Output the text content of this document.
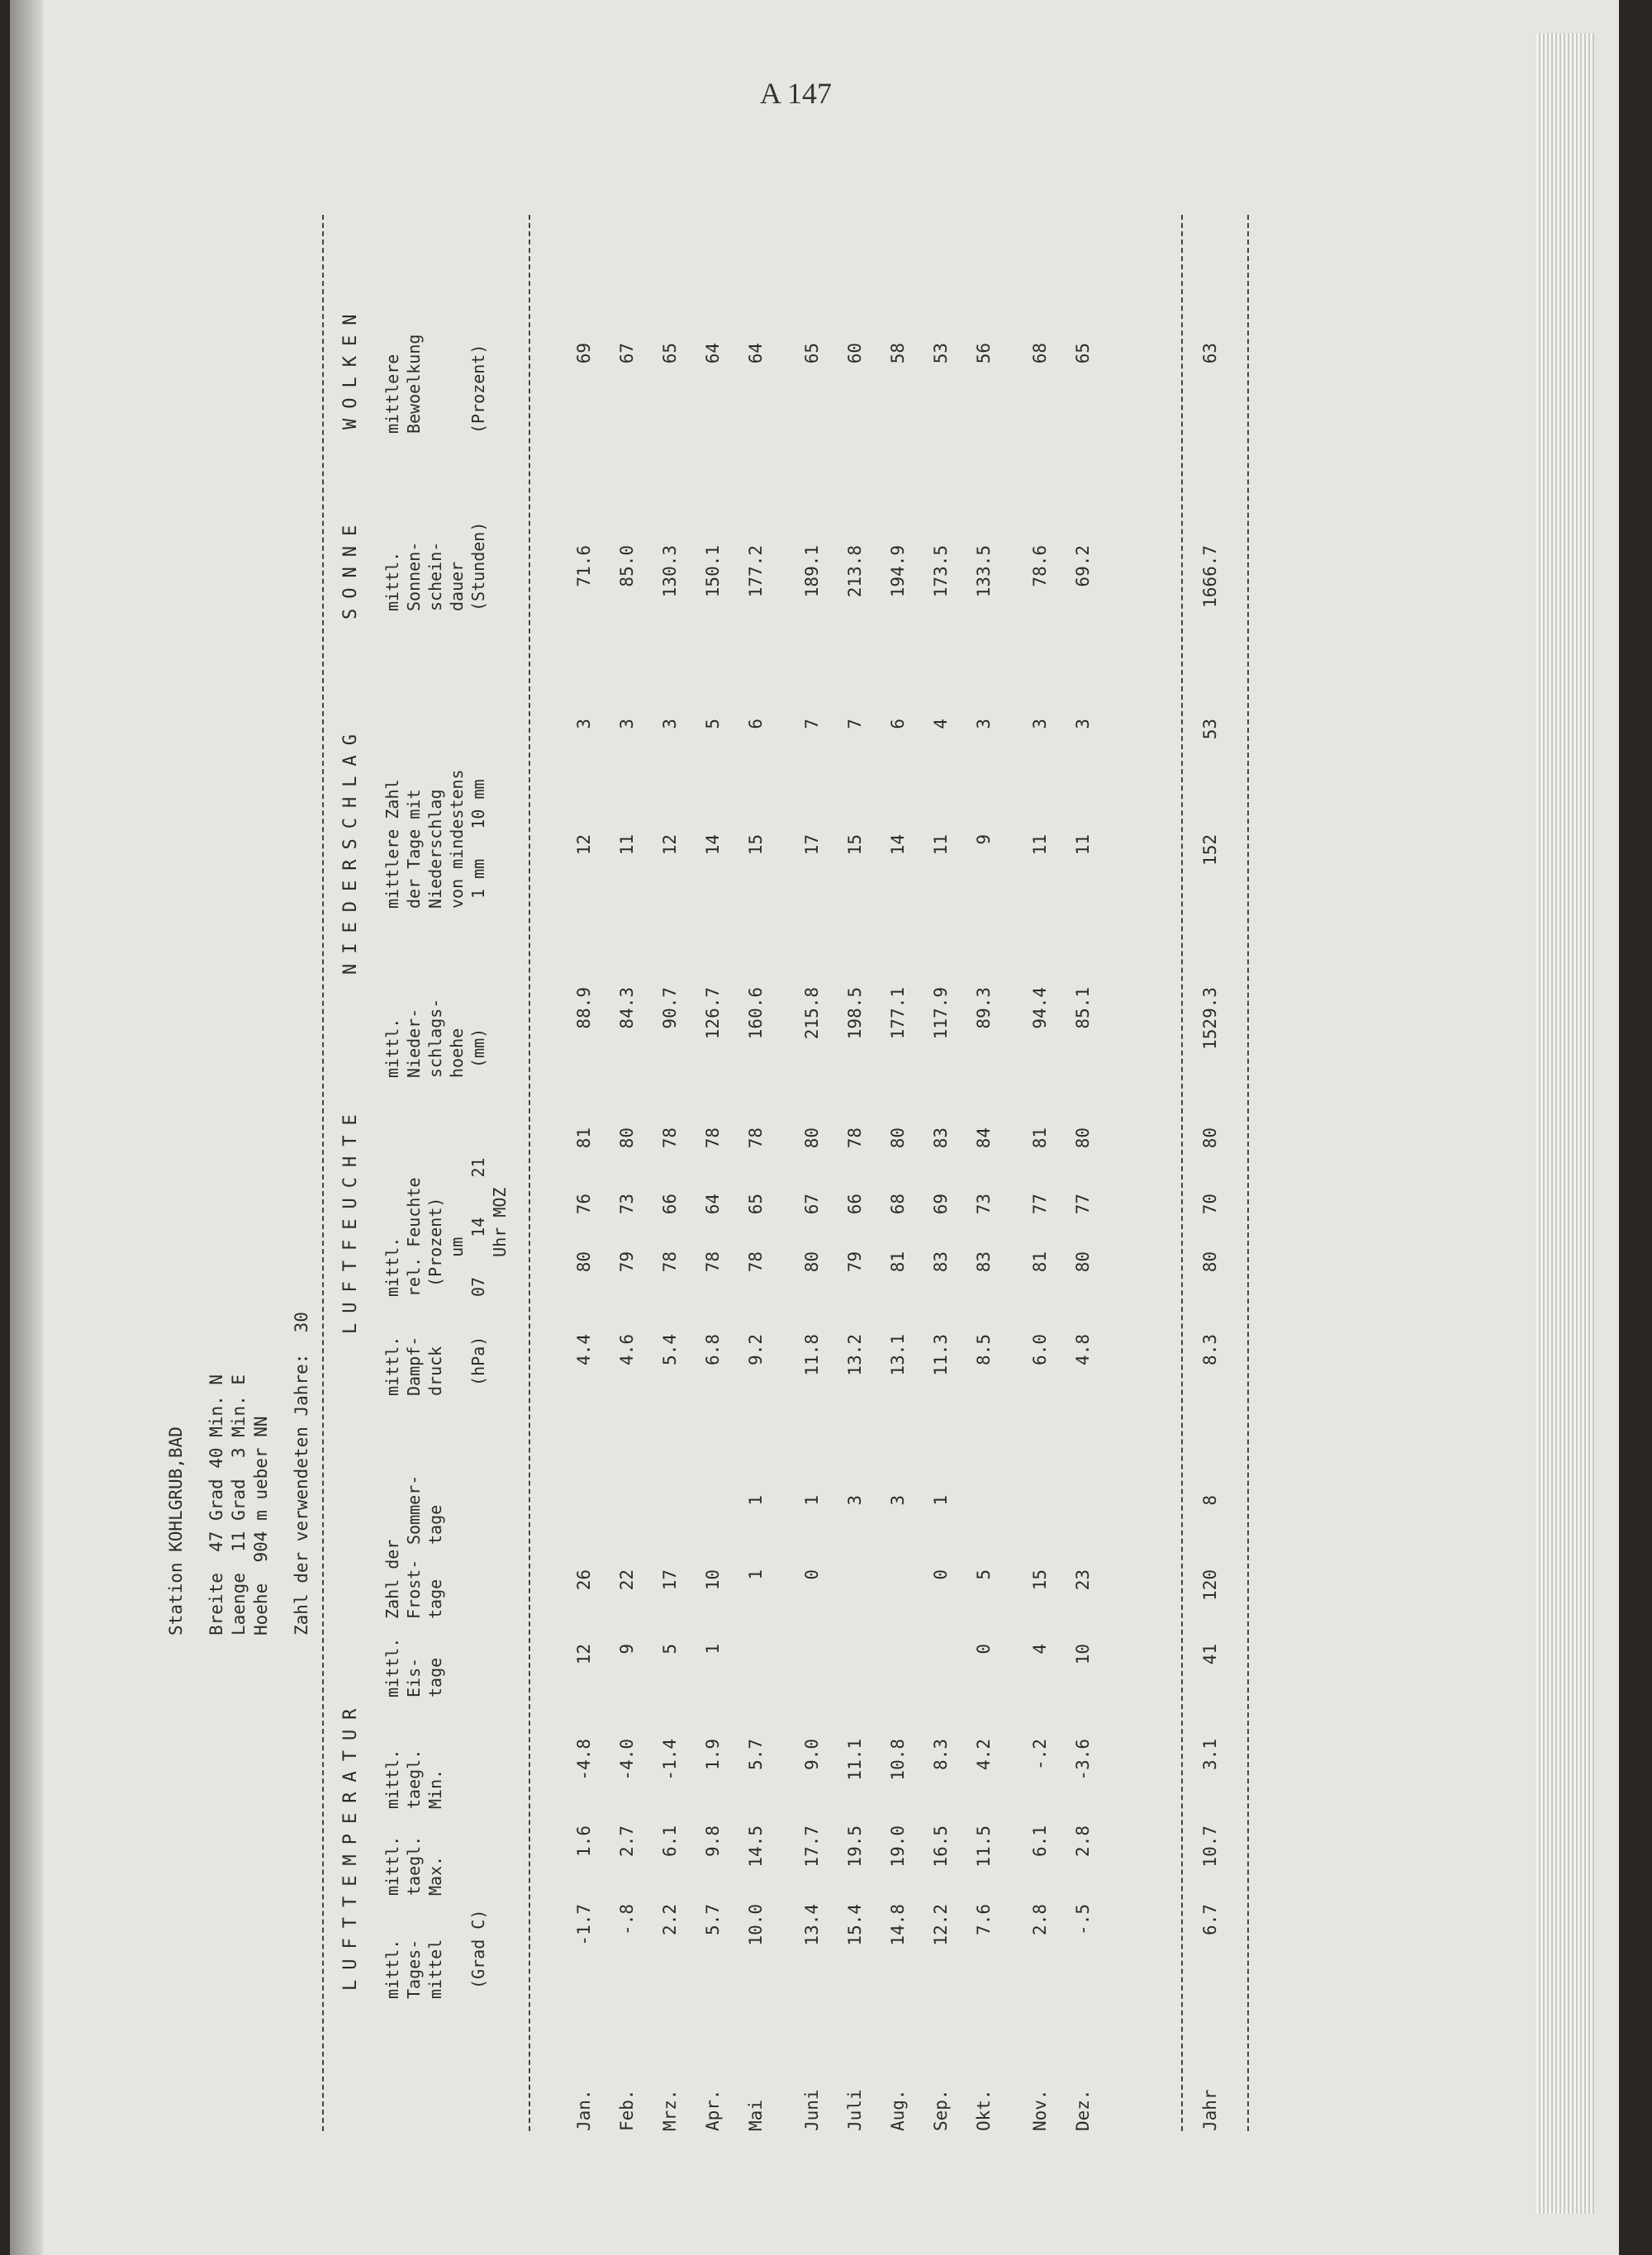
A 147
Station KOHLGRUB,BAD Breite  47 Grad 40 Min. N Laenge  11 Grad  3 Min. E Hoehe  904 m ueber NN Zahl der verwendeten Jahre:  30
LUFTTEMPERATUR
LUFTFEUCHTE
NIEDERSCHLAG
SONNE
WOLKEN
mittl.
Tages-
mittel

(Grad C)
mittl.
taegl.
Max.
mittl.
taegl.
Min.
mittl.
Eis-
tage
Zahl der
Frost-
tage

Sommer-
tage
mittl.
Dampf-
druck

(hPa)
mittl.
rel. Feuchte
(Prozent)
um
07    14    21
Uhr MOZ
mittl.
Nieder-
schlags-
hoehe
(mm)
mittlere Zahl
der Tage mit
Niederschlag
von mindestens
1 mm   10 mm
mittl.
Sonnen-
schein-
dauer
(Stunden)
mittlere
Bewoelkung

(Prozent)
Jan.
-1.7
1.6
-4.8
12
26
4.4
80
76
81
88.9
12
3
71.6
69
Feb.
-.8
2.7
-4.0
9
22
4.6
79
73
80
84.3
11
3
85.0
67
Mrz.
2.2
6.1
-1.4
5
17
5.4
78
66
78
90.7
12
3
130.3
65
Apr.
5.7
9.8
1.9
1
10
6.8
78
64
78
126.7
14
5
150.1
64
Mai
10.0
14.5
5.7
1
1
9.2
78
65
78
160.6
15
6
177.2
64
Juni
13.4
17.7
9.0
0
1
11.8
80
67
80
215.8
17
7
189.1
65
Juli
15.4
19.5
11.1
3
13.2
79
66
78
198.5
15
7
213.8
60
Aug.
14.8
19.0
10.8
3
13.1
81
68
80
177.1
14
6
194.9
58
Sep.
12.2
16.5
8.3
0
1
11.3
83
69
83
117.9
11
4
173.5
53
Okt.
7.6
11.5
4.2
0
5
8.5
83
73
84
89.3
9
3
133.5
56
Nov.
2.8
6.1
-.2
4
15
6.0
81
77
81
94.4
11
3
78.6
68
Dez.
-.5
2.8
-3.6
10
23
4.8
80
77
80
85.1
11
3
69.2
65
Jahr
6.7
10.7
3.1
41
120
8
8.3
80
70
80
1529.3
152
53
1666.7
63
